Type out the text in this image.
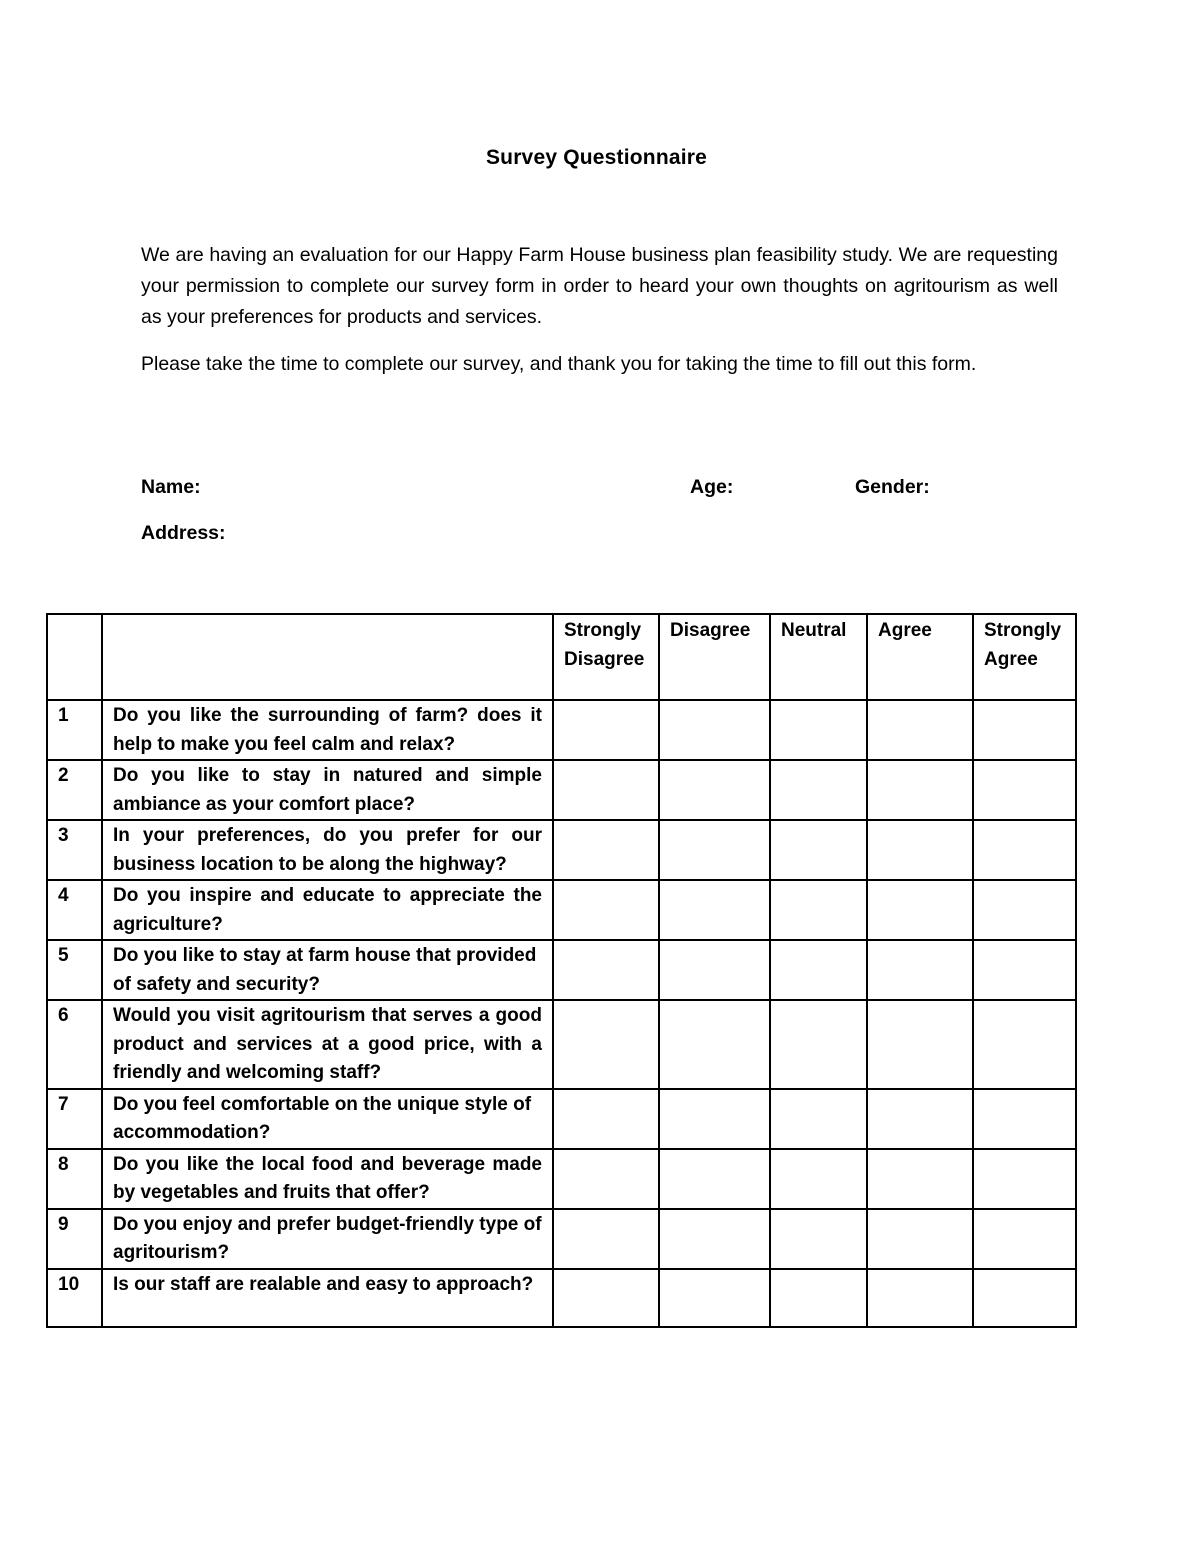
Survey Questionnaire

We are having an evaluation for our Happy Farm House business plan feasibility study. We are requesting your permission to complete our survey form in order to heard your own thoughts on agritourism as well as your preferences for products and services.

Please take the time to complete our survey, and thank you for taking the time to fill out this form.

Name:	Age:	Gender:
Address:
		Strongly Disagree	Disagree	Neutral	Agree	Strongly Agree
1	Do you like the surrounding of farm? does it help to make you feel calm and relax?					
2	Do you like to stay in natured and simple ambiance as your comfort place?					
3	In your preferences, do you prefer for our business location to be along the highway?					
4	Do you inspire and educate to appreciate the agriculture?					
5	Do you like to stay at farm house that provided of safety and security?					
6	Would you visit agritourism that serves a good product and services at a good price, with a friendly and welcoming staff?					
7	Do you feel comfortable on the unique style of accommodation?					
8	Do you like the local food and beverage made by vegetables and fruits that offer?					
9	Do you enjoy and prefer budget-friendly type of agritourism?					
10	Is our staff are realable and easy to approach?					
